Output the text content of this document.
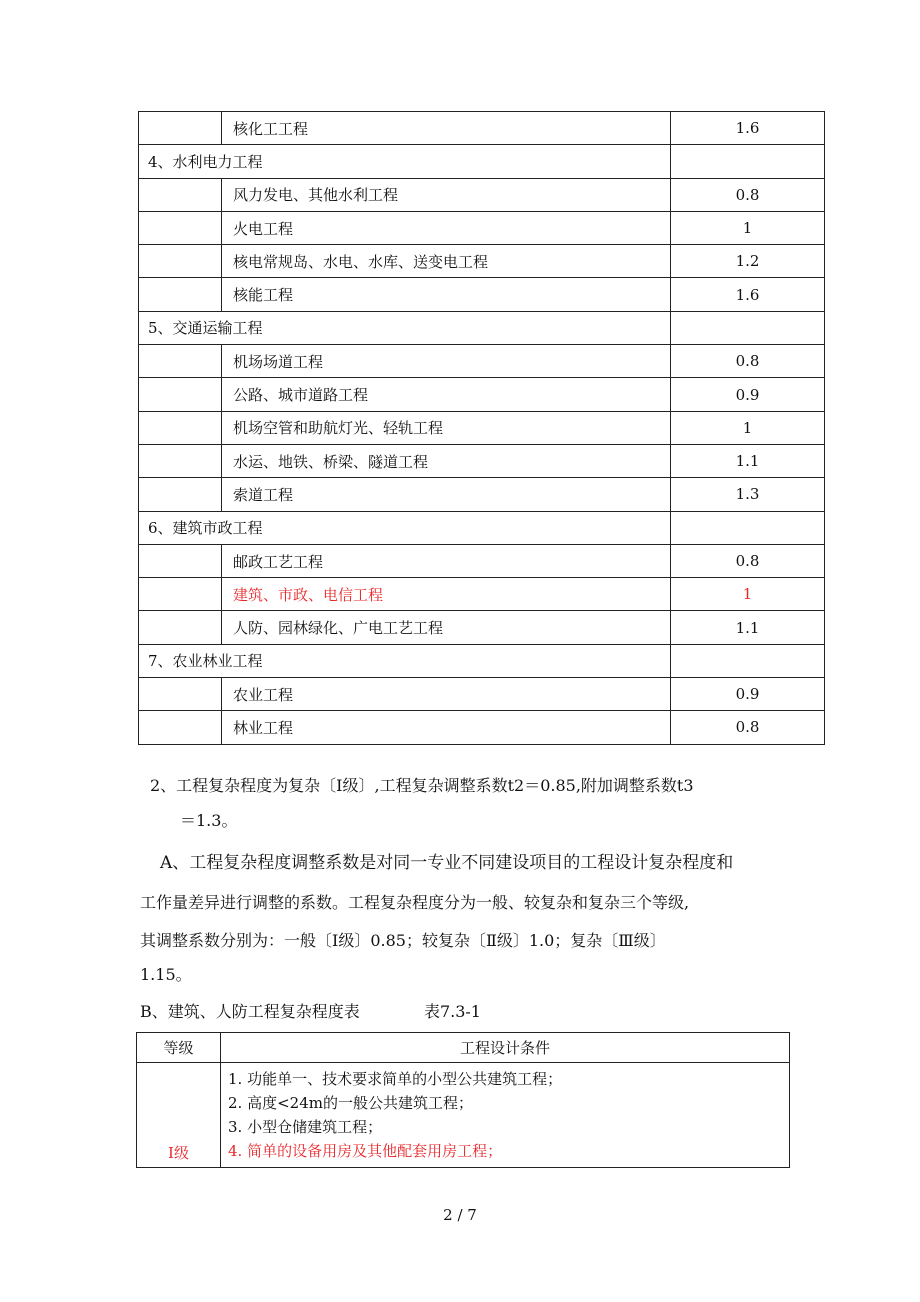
	核化工工程	1.6
4、水利电力工程		
	风力发电、其他水利工程	0.8
	火电工程	1
	核电常规岛、水电、水库、送变电工程	1.2
	核能工程	1.6
5、交通运输工程		
	机场场道工程	0.8
	公路、城市道路工程	0.9
	机场空管和助航灯光、轻轨工程	1
	水运、地铁、桥梁、隧道工程	1.1
	索道工程	1.3
6、建筑市政工程		
	邮政工艺工程	0.8
	建筑、市政、电信工程	1
	人防、园林绿化、广电工艺工程	1.1
7、农业林业工程		
	农业工程	0.9
	林业工程	0.8
2、工程复杂程度为复杂〔I级〕,工程复杂调整系数t2＝0.85,附加调整系数t3
＝1.3。
A、工程复杂程度调整系数是对同一专业不同建设项目的工程设计复杂程度和
工作量差异进行调整的系数。工程复杂程度分为一般、较复杂和复杂三个等级,
其调整系数分别为：一般〔Ⅰ级〕0.85；较复杂〔Ⅱ级〕1.0；复杂〔Ⅲ级〕
1.15。
B、建筑、人防工程复杂程度表	表7.3-1
等级	工程设计条件
Ⅰ级	1. 功能单一、技术要求简单的小型公共建筑工程；
2. 高度<24m的一般公共建筑工程；
3. 小型仓储建筑工程；
4. 简单的设备用房及其他配套用房工程；
2 / 7
